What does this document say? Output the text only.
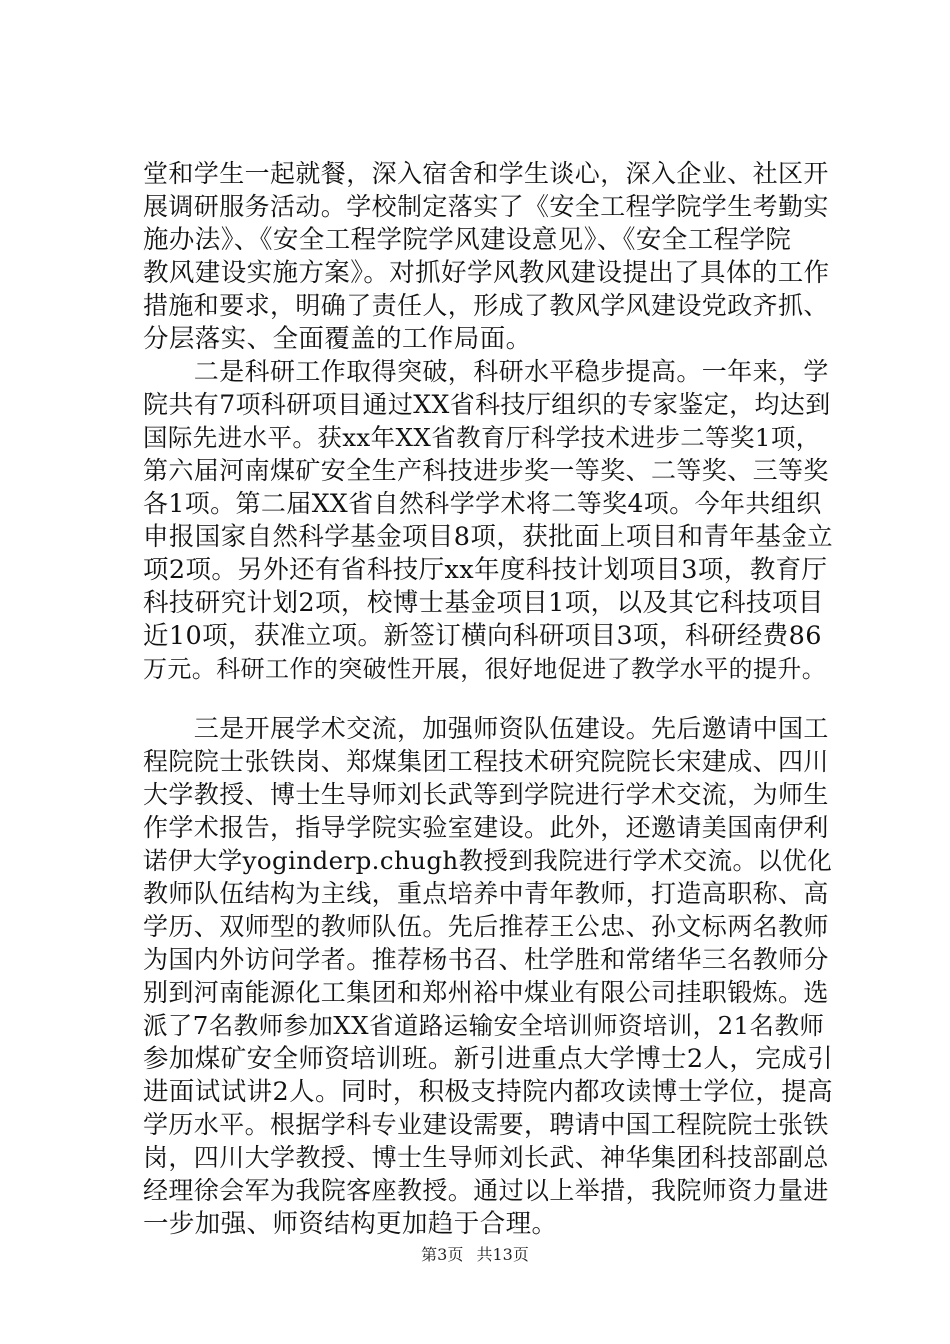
堂和学生一起就餐，深入宿舍和学生谈心，深入企业、社区开
展调研服务活动。学校制定落实了《安全工程学院学生考勤实
施办法》、《安全工程学院学风建设意见》、《安全工程学院
教风建设实施方案》。对抓好学风教风建设提出了具体的工作
措施和要求，明确了责任人，形成了教风学风建设党政齐抓、
分层落实、全面覆盖的工作局面。
　　二是科研工作取得突破，科研水平稳步提高。一年来，学
院共有7项科研项目通过XX省科技厅组织的专家鉴定，均达到
国际先进水平。获xx年XX省教育厅科学技术进步二等奖1项，
第六届河南煤矿安全生产科技进步奖一等奖、二等奖、三等奖
各1项。第二届XX省自然科学学术将二等奖4项。今年共组织
申报国家自然科学基金项目8项，获批面上项目和青年基金立
项2项。另外还有省科技厅xx年度科技计划项目3项，教育厅
科技研究计划2项，校博士基金项目1项，以及其它科技项目
近10项，获准立项。新签订横向科研项目3项，科研经费86
万元。科研工作的突破性开展，很好地促进了教学水平的提升。
　　三是开展学术交流，加强师资队伍建设。先后邀请中国工
程院院士张铁岗、郑煤集团工程技术研究院院长宋建成、四川
大学教授、博士生导师刘长武等到学院进行学术交流，为师生
作学术报告，指导学院实验室建设。此外，还邀请美国南伊利
诺伊大学yoginderp.chugh教授到我院进行学术交流。以优化
教师队伍结构为主线，重点培养中青年教师，打造高职称、高
学历、双师型的教师队伍。先后推荐王公忠、孙文标两名教师
为国内外访问学者。推荐杨书召、杜学胜和常绪华三名教师分
别到河南能源化工集团和郑州裕中煤业有限公司挂职锻炼。选
派了7名教师参加XX省道路运输安全培训师资培训，21名教师
参加煤矿安全师资培训班。新引进重点大学博士2人，完成引
进面试试讲2人。同时，积极支持院内都攻读博士学位，提高
学历水平。根据学科专业建设需要，聘请中国工程院院士张铁
岗，四川大学教授、博士生导师刘长武、神华集团科技部副总
经理徐会军为我院客座教授。通过以上举措，我院师资力量进
一步加强、师资结构更加趋于合理。
第3页 共13页
